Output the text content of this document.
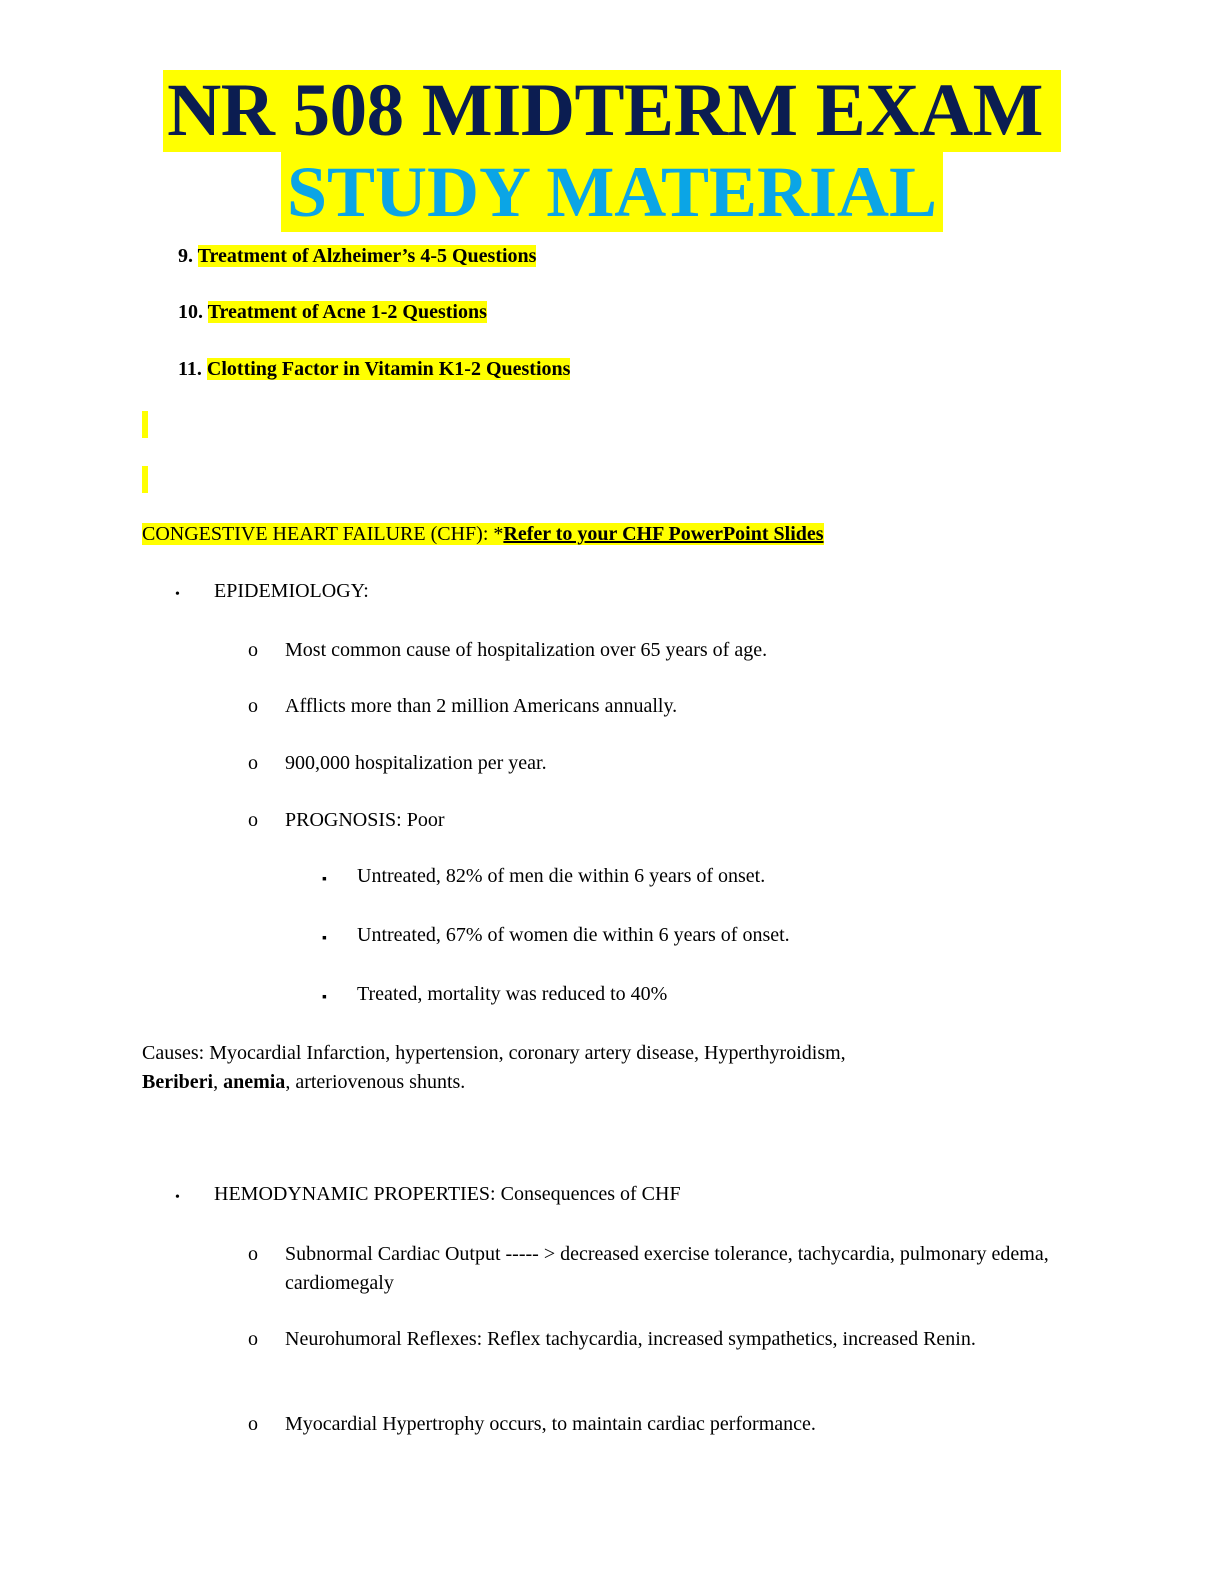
NR 508 MIDTERM EXAM
STUDY MATERIAL
9. Treatment of Alzheimer’s 4-5 Questions
10. Treatment of Acne 1-2 Questions
11. Clotting Factor in Vitamin K1-2 Questions
CONGESTIVE HEART FAILURE (CHF): *Refer to your CHF PowerPoint Slides
• EPIDEMIOLOGY:
o Most common cause of hospitalization over 65 years of age.
o Afflicts more than 2 million Americans annually.
o 900,000 hospitalization per year.
o PROGNOSIS: Poor
▪ Untreated, 82% of men die within 6 years of onset.
▪ Untreated, 67% of women die within 6 years of onset.
▪ Treated, mortality was reduced to 40%
Causes: Myocardial Infarction, hypertension, coronary artery disease, Hyperthyroidism,
Beriberi, anemia, arteriovenous shunts.
• HEMODYNAMIC PROPERTIES: Consequences of CHF
o Subnormal Cardiac Output ----- > decreased exercise tolerance, tachycardia, pulmonary edema, cardiomegaly
o Neurohumoral Reflexes: Reflex tachycardia, increased sympathetics, increased Renin.
o Myocardial Hypertrophy occurs, to maintain cardiac performance.
